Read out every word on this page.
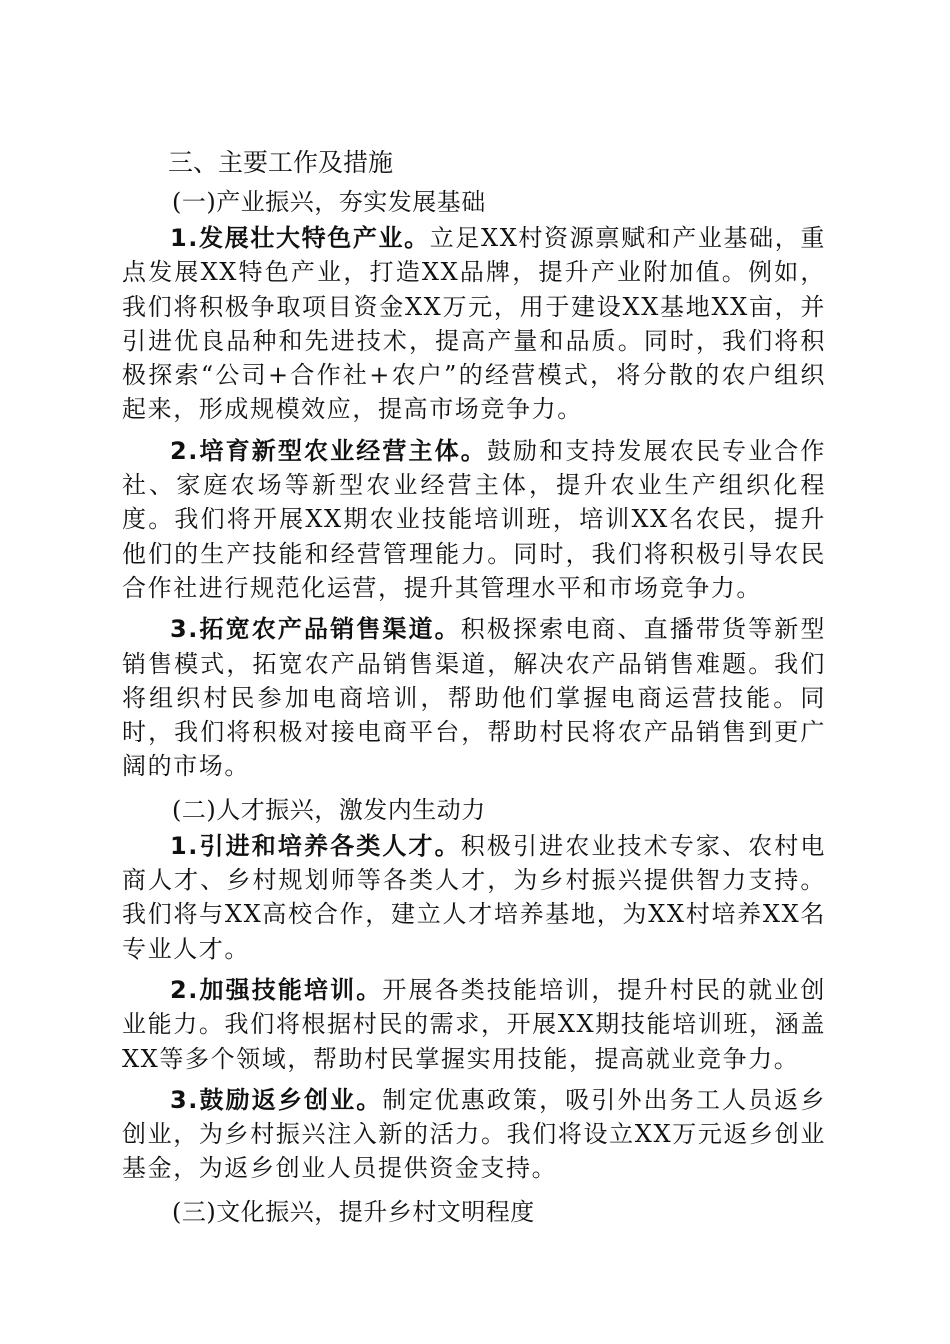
三、主要工作及措施
(一)产业振兴，夯实发展基础

1.发展壮大特色产业。立足XX村资源禀赋和产业基础，重点发展XX特色产业，打造XX品牌，提升产业附加值。例如，我们将积极争取项目资金XX万元，用于建设XX基地XX亩，并引进优良品种和先进技术，提高产量和品质。同时，我们将积极探索“公司+合作社+农户”的经营模式，将分散的农户组织起来，形成规模效应，提高市场竞争力。

2.培育新型农业经营主体。鼓励和支持发展农民专业合作社、家庭农场等新型农业经营主体，提升农业生产组织化程度。我们将开展XX期农业技能培训班，培训XX名农民，提升他们的生产技能和经营管理能力。同时，我们将积极引导农民合作社进行规范化运营，提升其管理水平和市场竞争力。

3.拓宽农产品销售渠道。积极探索电商、直播带货等新型销售模式，拓宽农产品销售渠道，解决农产品销售难题。我们将组织村民参加电商培训，帮助他们掌握电商运营技能。同时，我们将积极对接电商平台，帮助村民将农产品销售到更广阔的市场。

(二)人才振兴，激发内生动力

1.引进和培养各类人才。积极引进农业技术专家、农村电商人才、乡村规划师等各类人才，为乡村振兴提供智力支持。我们将与XX高校合作，建立人才培养基地，为XX村培养XX名专业人才。

2.加强技能培训。开展各类技能培训，提升村民的就业创业能力。我们将根据村民的需求，开展XX期技能培训班，涵盖XX等多个领域，帮助村民掌握实用技能，提高就业竞争力。

3.鼓励返乡创业。制定优惠政策，吸引外出务工人员返乡创业，为乡村振兴注入新的活力。我们将设立XX万元返乡创业基金，为返乡创业人员提供资金支持。

(三)文化振兴，提升乡村文明程度
